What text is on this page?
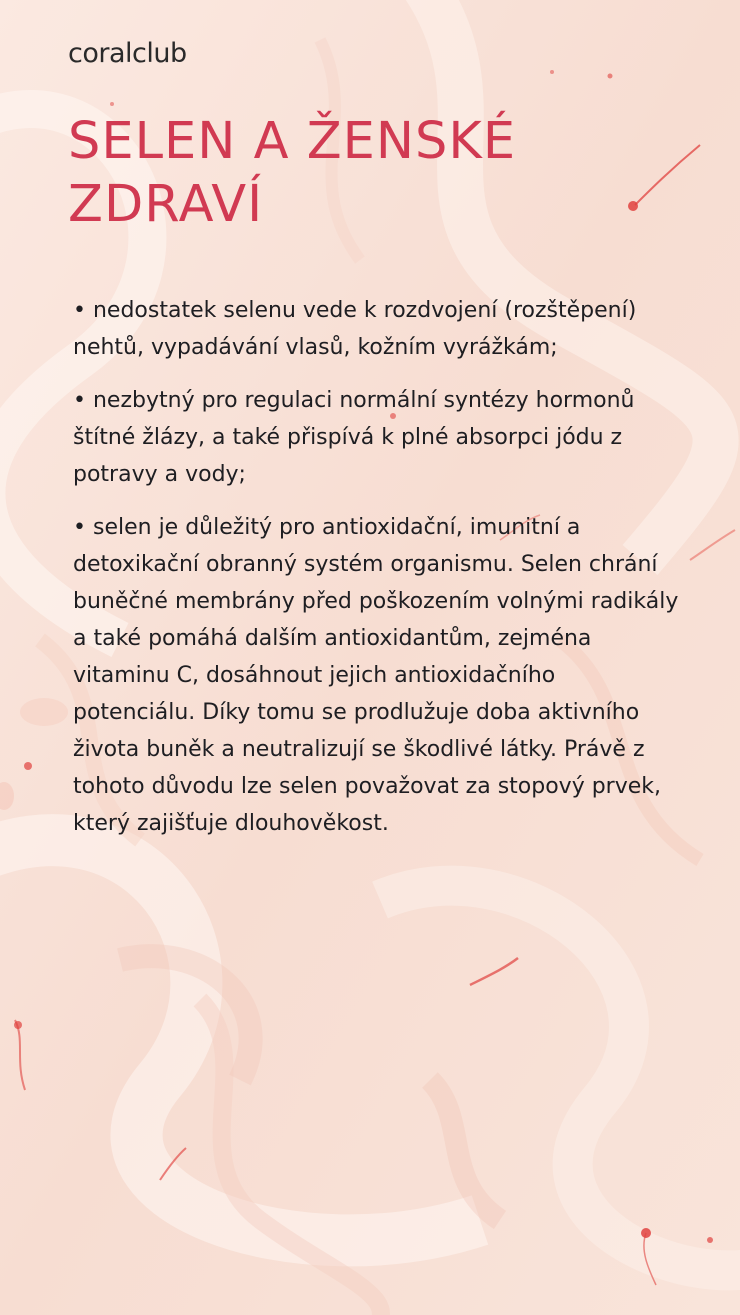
coralclub
SELEN A ŽENSKÉ ZDRAVÍ
• nedostatek selenu vede k rozdvojení (rozštěpení) nehtů, vypadávání vlasů, kožním vyrážkám;
• nezbytný pro regulaci normální syntézy hormonů štítné žlázy, a také přispívá k plné absorpci jódu z potravy a vody;
• selen je důležitý pro antioxidační, imunitní a detoxikační obranný systém organismu. Selen chrání buněčné membrány před poškozením volnými radikály a také pomáhá dalším antioxidantům, zejména vitaminu C, dosáhnout jejich antioxidačního potenciálu. Díky tomu se prodlužuje doba aktivního života buněk a neutralizují se škodlivé látky. Právě z tohoto důvodu lze selen považovat za stopový prvek, který zajišťuje dlouhověkost.
